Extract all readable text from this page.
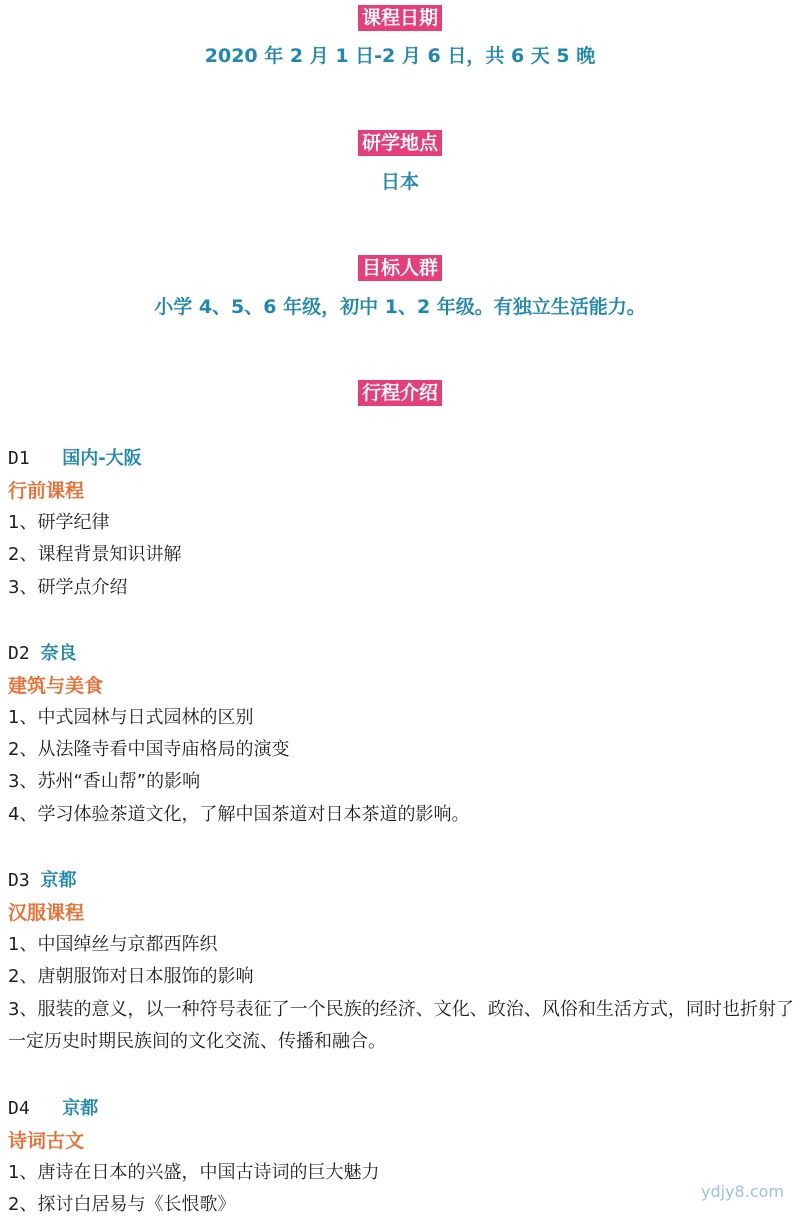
课程日期
2020 年 2 月 1 日-2 月 6 日，共 6 天 5 晚
研学地点
日本
目标人群
小学 4、5、6 年级，初中 1、2 年级。有独立生活能力。
行程介绍
D1 国内-大阪
行前课程
1、研学纪律
2、课程背景知识讲解
3、研学点介绍
D2 奈良
建筑与美食
1、中式园林与日式园林的区别
2、从法隆寺看中国寺庙格局的演变
3、苏州“香山帮”的影响
4、学习体验茶道文化，了解中国茶道对日本茶道的影响。
D3 京都
汉服课程
1、中国绰丝与京都西阵织
2、唐朝服饰对日本服饰的影响
3、服装的意义，以一种符号表征了一个民族的经济、文化、政治、风俗和生活方式，同时也折射了一定历史时期民族间的文化交流、传播和融合。
D4 京都
诗词古文
1、唐诗在日本的兴盛，中国古诗词的巨大魅力
2、探讨白居易与《长恨歌》
ydjy8.com
